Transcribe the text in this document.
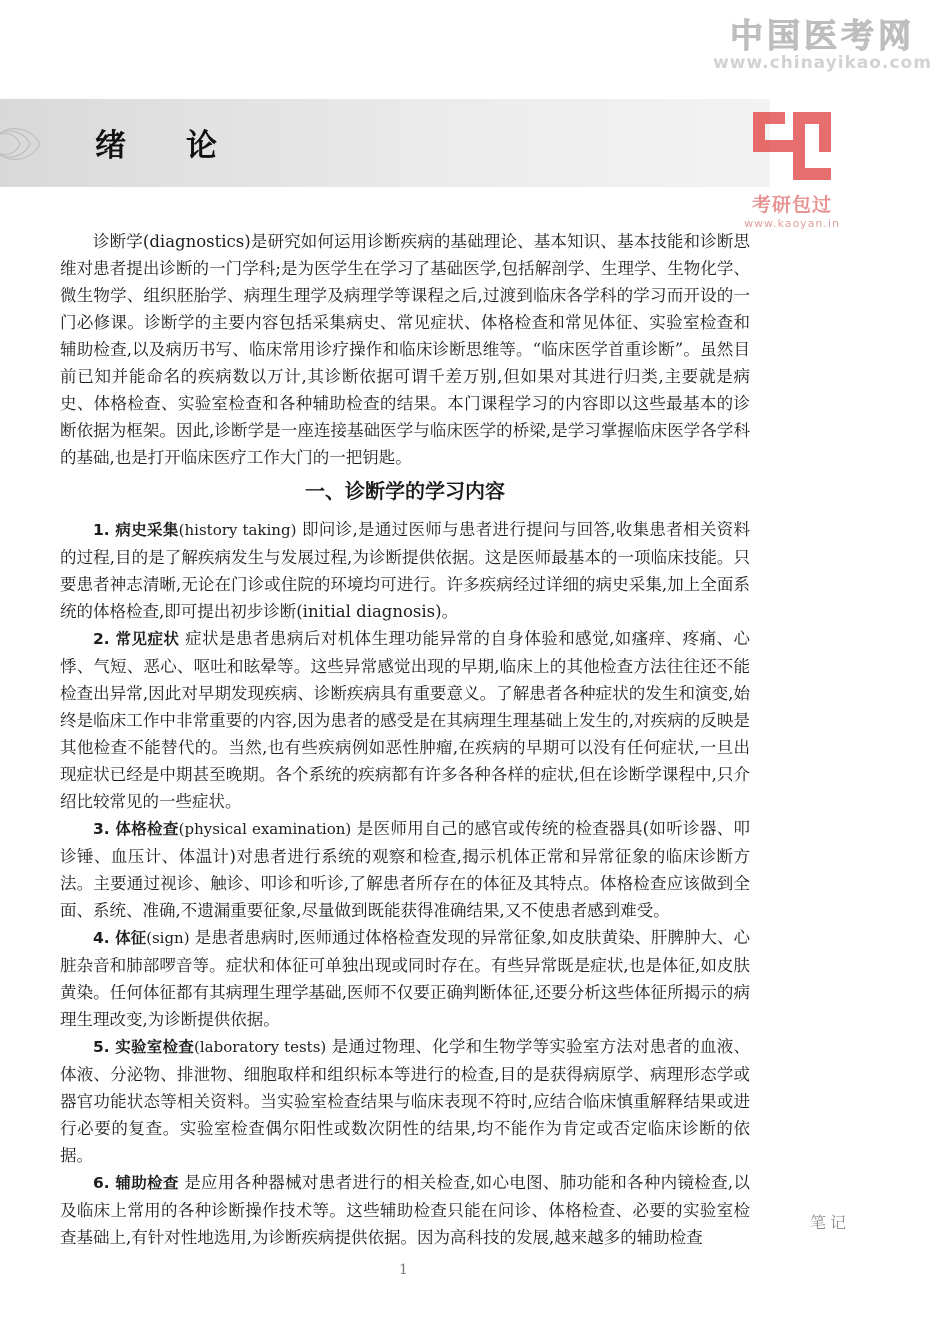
绪论
中国医考网
www.chinayikao.com
考研包过
www.kaoyan.in

诊断学(diagnostics)是研究如何运用诊断疾病的基础理论、基本知识、基本技能和诊断思维对患者提出诊断的一门学科;是为医学生在学习了基础医学,包括解剖学、生理学、生物化学、微生物学、组织胚胎学、病理生理学及病理学等课程之后,过渡到临床各学科的学习而开设的一门必修课。诊断学的主要内容包括采集病史、常见症状、体格检查和常见体征、实验室检查和辅助检查,以及病历书写、临床常用诊疗操作和临床诊断思维等。“临床医学首重诊断”。虽然目前已知并能命名的疾病数以万计,其诊断依据可谓千差万别,但如果对其进行归类,主要就是病史、体格检查、实验室检查和各种辅助检查的结果。本门课程学习的内容即以这些最基本的诊断依据为框架。因此,诊断学是一座连接基础医学与临床医学的桥梁,是学习掌握临床医学各学科的基础,也是打开临床医疗工作大门的一把钥匙。

一、诊断学的学习内容

1. 病史采集(history taking) 即问诊,是通过医师与患者进行提问与回答,收集患者相关资料的过程,目的是了解疾病发生与发展过程,为诊断提供依据。这是医师最基本的一项临床技能。只要患者神志清晰,无论在门诊或住院的环境均可进行。许多疾病经过详细的病史采集,加上全面系统的体格检查,即可提出初步诊断(initial diagnosis)。

2. 常见症状 症状是患者患病后对机体生理功能异常的自身体验和感觉,如瘙痒、疼痛、心悸、气短、恶心、呕吐和眩晕等。这些异常感觉出现的早期,临床上的其他检查方法往往还不能检查出异常,因此对早期发现疾病、诊断疾病具有重要意义。了解患者各种症状的发生和演变,始终是临床工作中非常重要的内容,因为患者的感受是在其病理生理基础上发生的,对疾病的反映是其他检查不能替代的。当然,也有些疾病例如恶性肿瘤,在疾病的早期可以没有任何症状,一旦出现症状已经是中期甚至晚期。各个系统的疾病都有许多各种各样的症状,但在诊断学课程中,只介绍比较常见的一些症状。

3. 体格检查(physical examination) 是医师用自己的感官或传统的检查器具(如听诊器、叩诊锤、血压计、体温计)对患者进行系统的观察和检查,揭示机体正常和异常征象的临床诊断方法。主要通过视诊、触诊、叩诊和听诊,了解患者所存在的体征及其特点。体格检查应该做到全面、系统、准确,不遗漏重要征象,尽量做到既能获得准确结果,又不使患者感到难受。

4. 体征(sign) 是患者患病时,医师通过体格检查发现的异常征象,如皮肤黄染、肝脾肿大、心脏杂音和肺部啰音等。症状和体征可单独出现或同时存在。有些异常既是症状,也是体征,如皮肤黄染。任何体征都有其病理生理学基础,医师不仅要正确判断体征,还要分析这些体征所揭示的病理生理改变,为诊断提供依据。

5. 实验室检查(laboratory tests) 是通过物理、化学和生物学等实验室方法对患者的血液、体液、分泌物、排泄物、细胞取样和组织标本等进行的检查,目的是获得病原学、病理形态学或器官功能状态等相关资料。当实验室检查结果与临床表现不符时,应结合临床慎重解释结果或进行必要的复查。实验室检查偶尔阳性或数次阴性的结果,均不能作为肯定或否定临床诊断的依据。

6. 辅助检查 是应用各种器械对患者进行的相关检查,如心电图、肺功能和各种内镜检查,以及临床上常用的各种诊断操作技术等。这些辅助检查只能在问诊、体格检查、必要的实验室检查基础上,有针对性地选用,为诊断疾病提供依据。因为高科技的发展,越来越多的辅助检查

笔记
1
